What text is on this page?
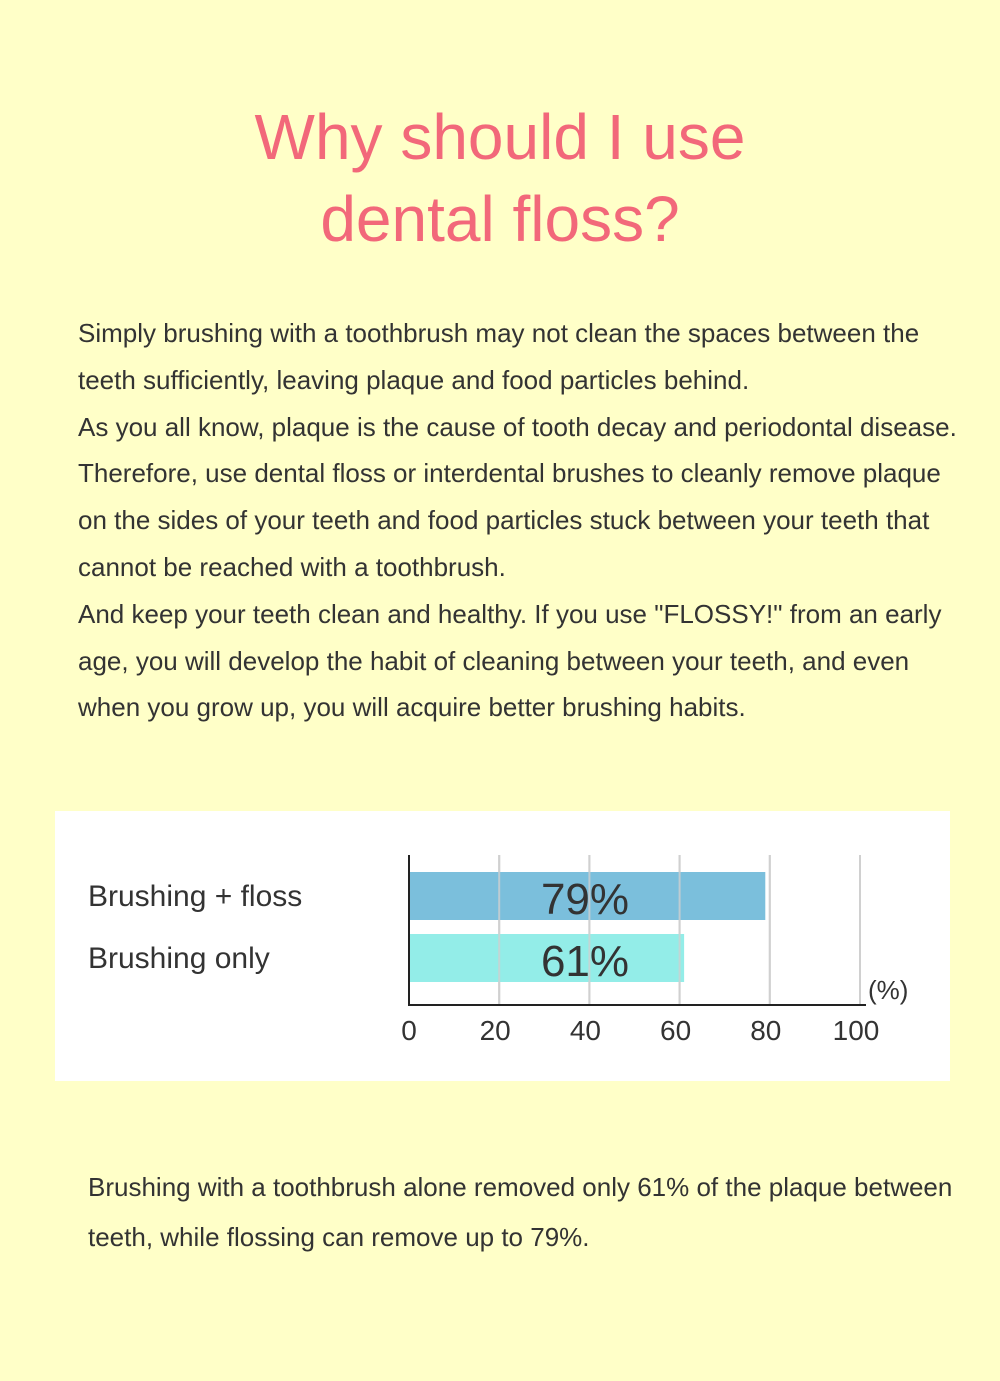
Why should I use
dental floss?

Simply brushing with a toothbrush may not clean the spaces between the teeth sufficiently, leaving plaque and food particles behind.

As you all know, plaque is the cause of tooth decay and periodontal disease.

Therefore, use dental floss or interdental brushes to cleanly remove plaque on the sides of your teeth and food particles stuck between your teeth that cannot be reached with a toothbrush.

And keep your teeth clean and healthy. If you use "FLOSSY!" from an early age, you will develop the habit of cleaning between your teeth, and even when you grow up, you will acquire better brushing habits.

79%
61%
Brushing + floss
Brushing only
0 20 40 60 80 100
(%)

Brushing with a toothbrush alone removed only 61% of the plaque between teeth, while flossing can remove up to 79%.
